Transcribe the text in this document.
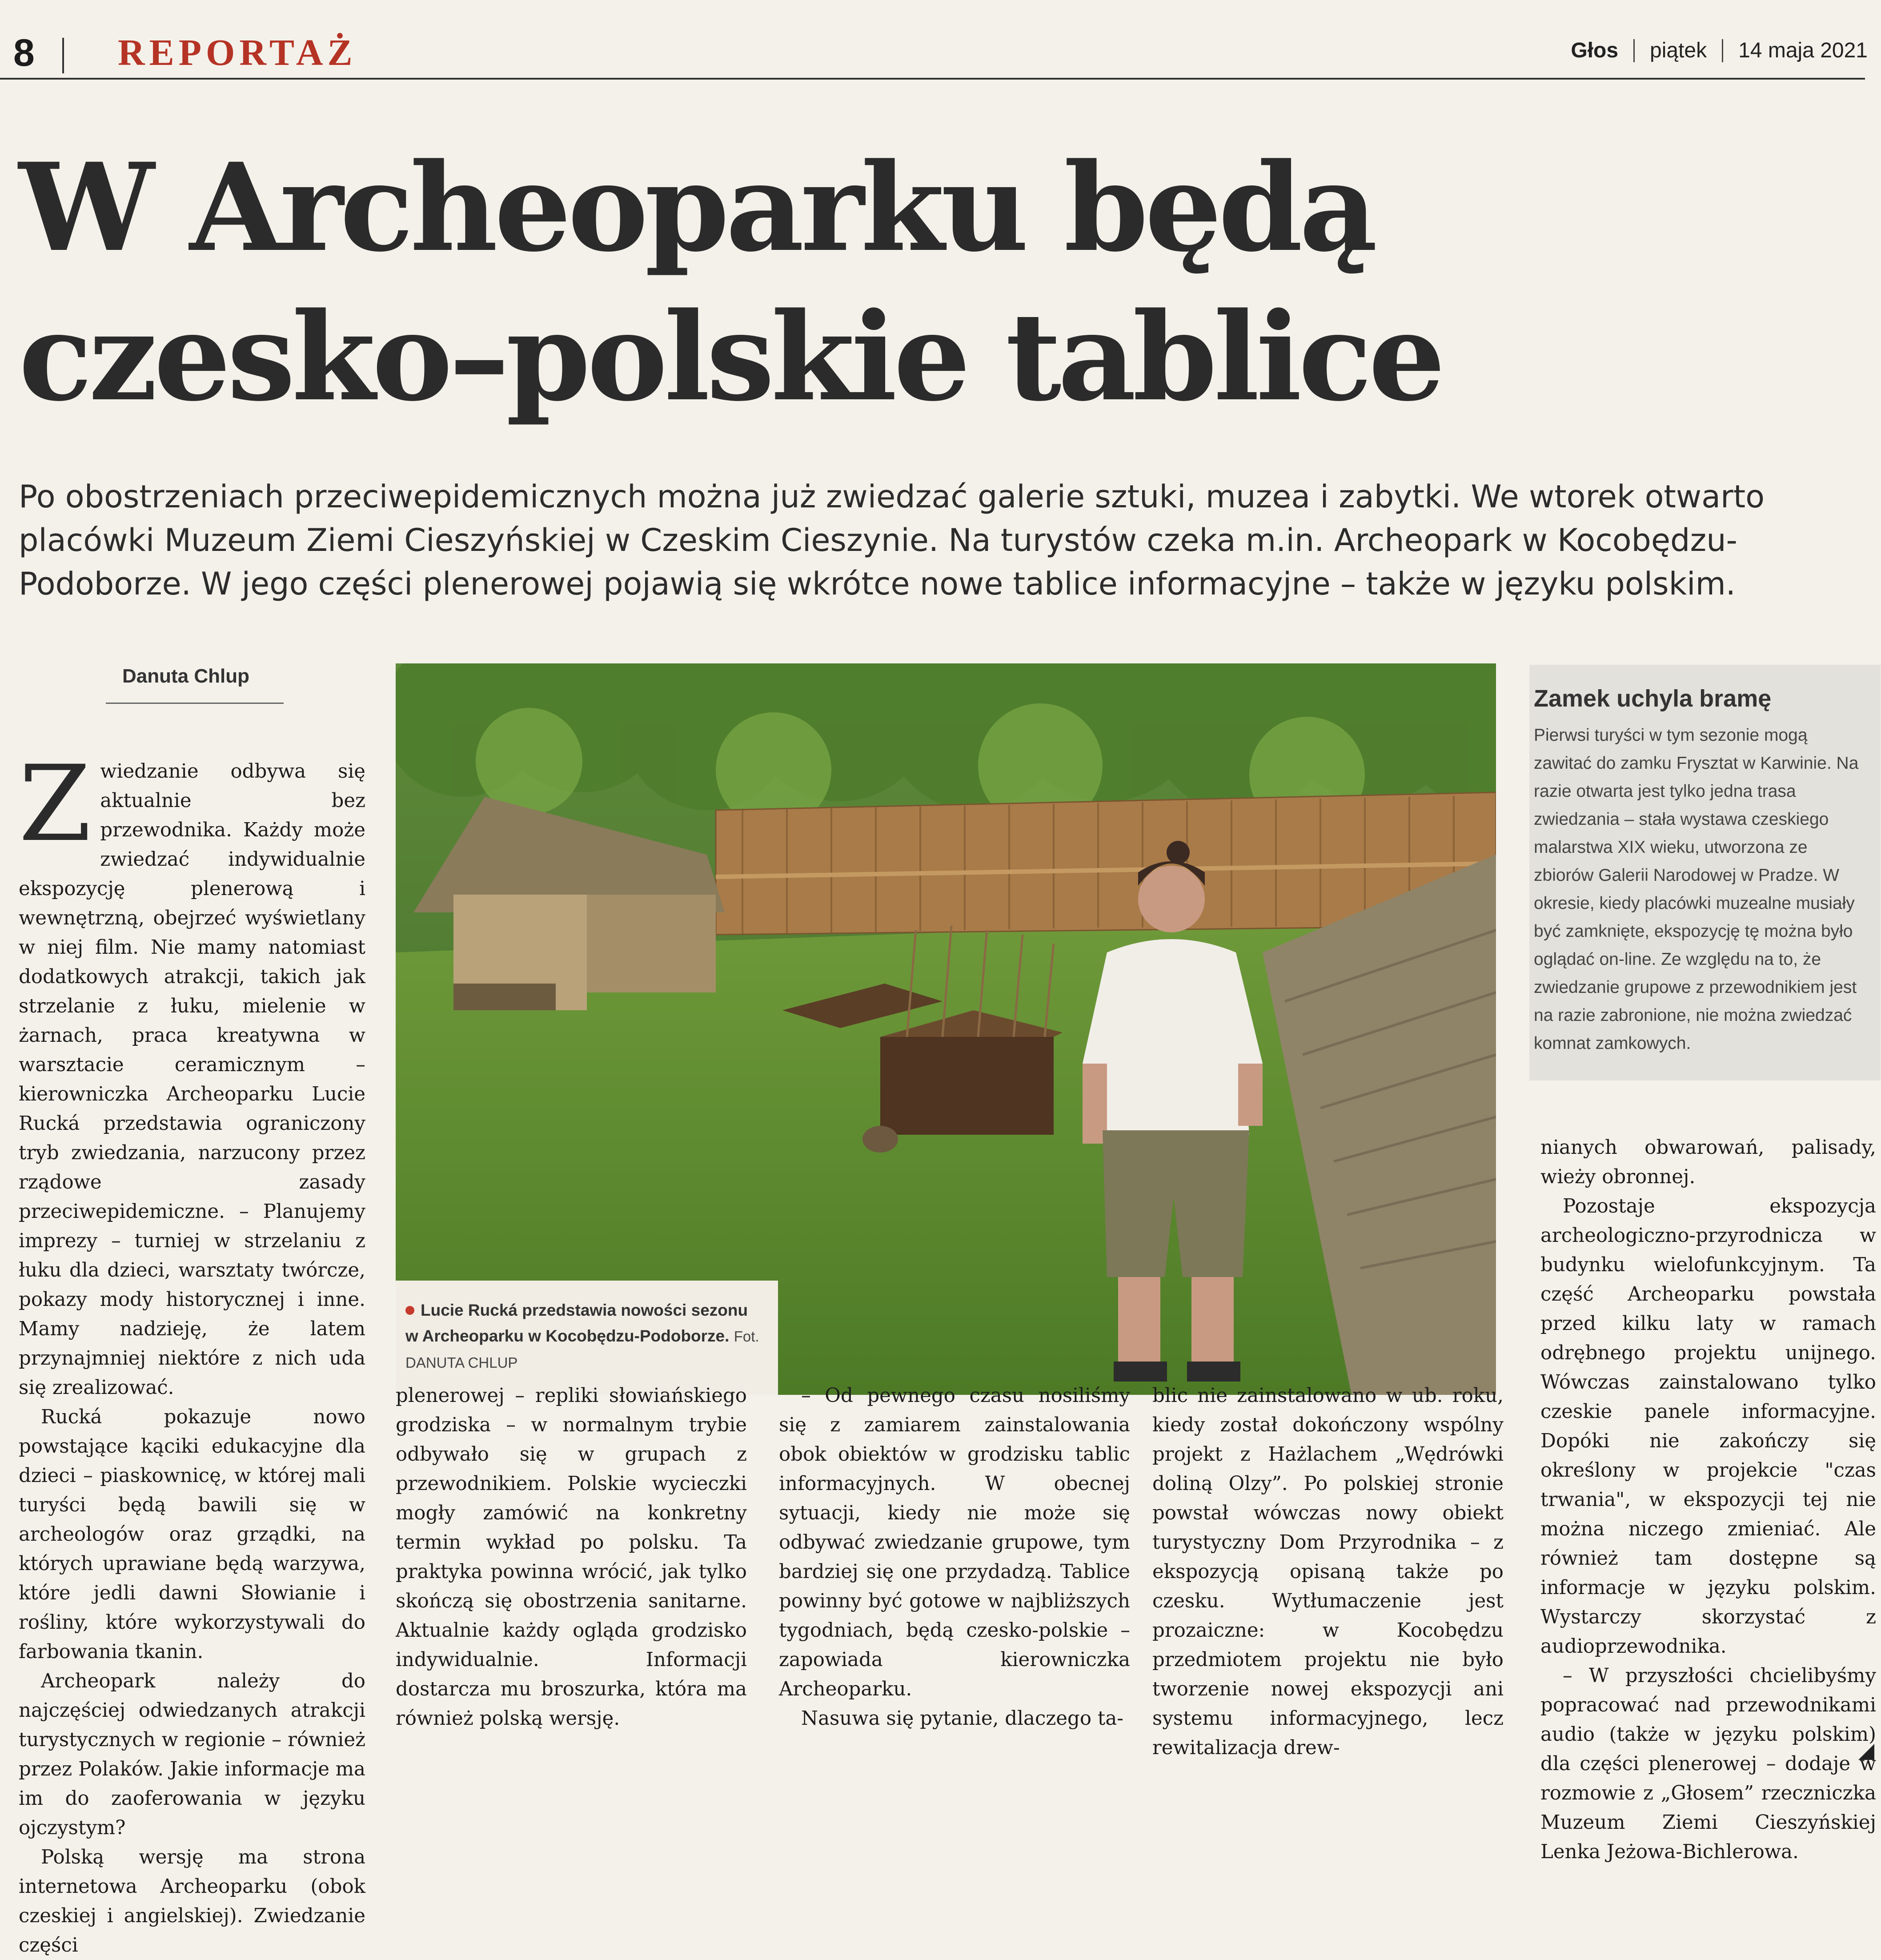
8 REPORTAŻ	Głos piątek 14 maja 2021
W Archeoparku będą czesko–polskie tablice
Po obostrzeniach przeciwepidemicznych można już zwiedzać galerie sztuki, muzea i zabytki. We wtorek otwarto placówki Muzeum Ziemi Cieszyńskiej w Czeskim Cieszynie. Na turystów czeka m.in. Archeopark w Kocobędzu-Podoborze. W jego części plenerowej pojawią się wkrótce nowe tablice informacyjne – także w języku polskim.
Danuta Chlup

Zwiedzanie odbywa się aktualnie bez przewodnika. Każdy może zwiedzać indywidualnie ekspozycję plenerową i wewnętrzną, obejrzeć wyświetlany w niej film. Nie mamy natomiast dodatkowych atrakcji, takich jak strzelanie z łuku, mielenie w żarnach, praca kreatywna w warsztacie ceramicznym – kierowniczka Archeoparku Lucie Rucká przedstawia ograniczony tryb zwiedzania, narzucony przez rządowe zasady przeciwepidemiczne. – Planujemy imprezy – turniej w strzelaniu z łuku dla dzieci, warsztaty twórcze, pokazy mody historycznej i inne. Mamy nadzieję, że latem przynajmniej niektóre z nich uda się zrealizować.

Rucká pokazuje nowo powstające kąciki edukacyjne dla dzieci – piaskownicę, w której mali turyści będą bawili się w archeologów oraz grządki, na których uprawiane będą warzywa, które jedli dawni Słowianie i rośliny, które wykorzystywali do farbowania tkanin.

Archeopark należy do najczęściej odwiedzanych atrakcji turystycznych w regionie – również przez Polaków. Jakie informacje ma im do zaoferowania w języku ojczystym?

Polską wersję ma strona internetowa Archeoparku (obok czeskiej i angielskiej). Zwiedzanie części

Lucie Rucká przedstawia nowości sezonu w Archeoparku w Kocobędzu-Podoborze. Fot. DANUTA CHLUP
Zamek uchyla bramę
Pierwsi turyści w tym sezonie mogą zawitać do zamku Frysztat w Karwinie. Na razie otwarta jest tylko jedna trasa zwiedzania – stała wystawa czeskiego malarstwa XIX wieku, utworzona ze zbiorów Galerii Narodowej w Pradze. W okresie, kiedy placówki muzealne musiały być zamknięte, ekspozycję tę można było oglądać on-line. Ze względu na to, że zwiedzanie grupowe z przewodnikiem jest na razie zabronione, nie można zwiedzać komnat zamkowych.

plenerowej – repliki słowiańskiego grodziska – w normalnym trybie odbywało się w grupach z przewodnikiem. Polskie wycieczki mogły zamówić na konkretny termin wykład po polsku. Ta praktyka powinna wrócić, jak tylko skończą się obostrzenia sanitarne. Aktualnie każdy ogląda grodzisko indywidualnie. Informacji dostarcza mu broszurka, która ma również polską wersję.

– Od pewnego czasu nosiliśmy się z zamiarem zainstalowania obok obiektów w grodzisku tablic informacyjnych. W obecnej sytuacji, kiedy nie może się odbywać zwiedzanie grupowe, tym bardziej się one przydadzą. Tablice powinny być gotowe w najbliższych tygodniach, będą czesko-polskie – zapowiada kierowniczka Archeoparku.

Nasuwa się pytanie, dlaczego ta-

blic nie zainstalowano w ub. roku, kiedy został dokończony wspólny projekt z Hażlachem „Wędrówki doliną Olzy”. Po polskiej stronie powstał wówczas nowy obiekt turystyczny Dom Przyrodnika – z ekspozycją opisaną także po czesku. Wytłumaczenie jest prozaiczne: w Kocobędzu przedmiotem projektu nie było tworzenie nowej ekspozycji ani systemu informacyjnego, lecz rewitalizacja drew-

nianych obwarowań, palisady, wieży obronnej.

Pozostaje ekspozycja archeologiczno-przyrodnicza w budynku wielofunkcyjnym. Ta część Archeoparku powstała przed kilku laty w ramach odrębnego projektu unijnego. Wówczas zainstalowano tylko czeskie panele informacyjne. Dopóki nie zakończy się określony w projekcie "czas trwania", w ekspozycji tej nie można niczego zmieniać. Ale również tam dostępne są informacje w języku polskim. Wystarczy skorzystać z audioprzewodnika.

– W przyszłości chcielibyśmy popracować nad przewodnikami audio (także w języku polskim) dla części plenerowej – dodaje w rozmowie z „Głosem” rzeczniczka Muzeum Ziemi Cieszyńskiej Lenka Jeżowa-Bichlerowa.
